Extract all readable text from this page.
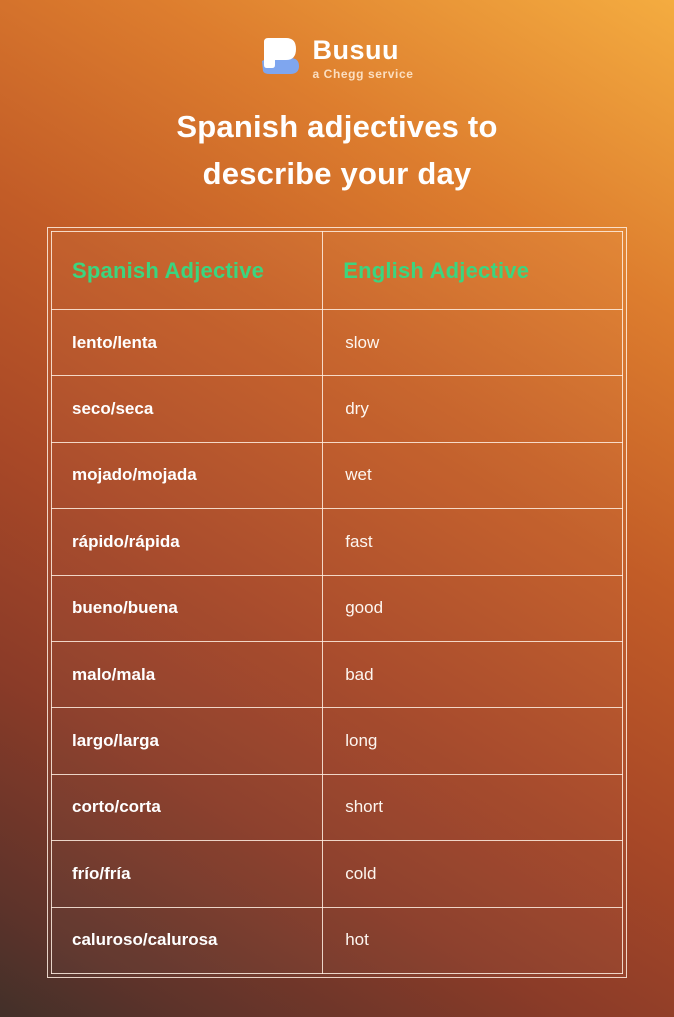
Busuu
a Chegg service
Spanish adjectives to
describe your day
Spanish Adjective	English Adjective
lento/lenta	slow
seco/seca	dry
mojado/mojada	wet
rápido/rápida	fast
bueno/buena	good
malo/mala	bad
largo/larga	long
corto/corta	short
frío/fría	cold
caluroso/calurosa	hot
